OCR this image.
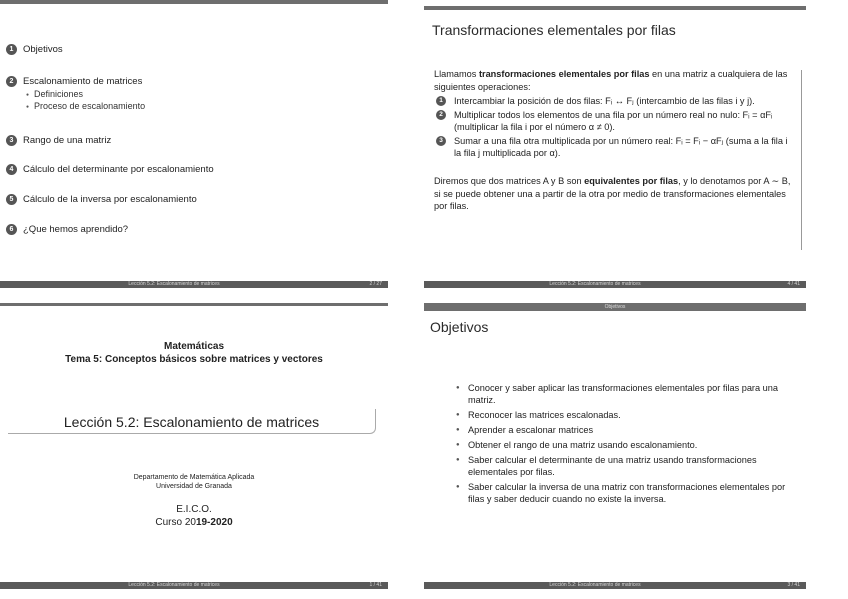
1 Objetivos
2 Escalonamiento de matrices
● Definiciones
● Proceso de escalonamiento
3 Rango de una matriz
4 Cálculo del determinante por escalonamiento
5 Cálculo de la inversa por escalonamiento
6 ¿Que hemos aprendido?
Lección 5.2: Escalonamiento de matrices	2 / 27
Transformaciones elementales por filas
Llamamos transformaciones elementales por filas en una matriz a cualquiera de las siguientes operaciones:
1	Intercambiar la posición de dos filas: Fᵢ ↔ Fⱼ (intercambio de las filas i y j).
2	Multiplicar todos los elementos de una fila por un número real no nulo: Fᵢ = αFᵢ (multiplicar la fila i por el número α ≠ 0).
3	Sumar a una fila otra multiplicada por un número real: Fᵢ = Fᵢ − αFⱼ (suma a la fila i la fila j multiplicada por α).
Diremos que dos matrices A y B son equivalentes por filas, y lo denotamos por A ∼ B, si se puede obtener una a partir de la otra por medio de transformaciones elementales por filas.
Lección 5.2: Escalonamiento de matrices	4 / 41
Matemáticas
Tema 5: Conceptos básicos sobre matrices y vectores
Lección 5.2: Escalonamiento de matrices
Departamento de Matemática Aplicada
Universidad de Granada
E.I.C.O.
Curso 2019-2020
Lección 5.2: Escalonamiento de matrices	1 / 41
Objetivos
Objetivos
● Conocer y saber aplicar las transformaciones elementales por filas para una matriz.
● Reconocer las matrices escalonadas.
● Aprender a escalonar matrices
● Obtener el rango de una matriz usando escalonamiento.
● Saber calcular el determinante de una matriz usando transformaciones elementales por filas.
● Saber calcular la inversa de una matriz con transformaciones elementales por filas y saber deducir cuando no existe la inversa.
Lección 5.2: Escalonamiento de matrices	3 / 41
